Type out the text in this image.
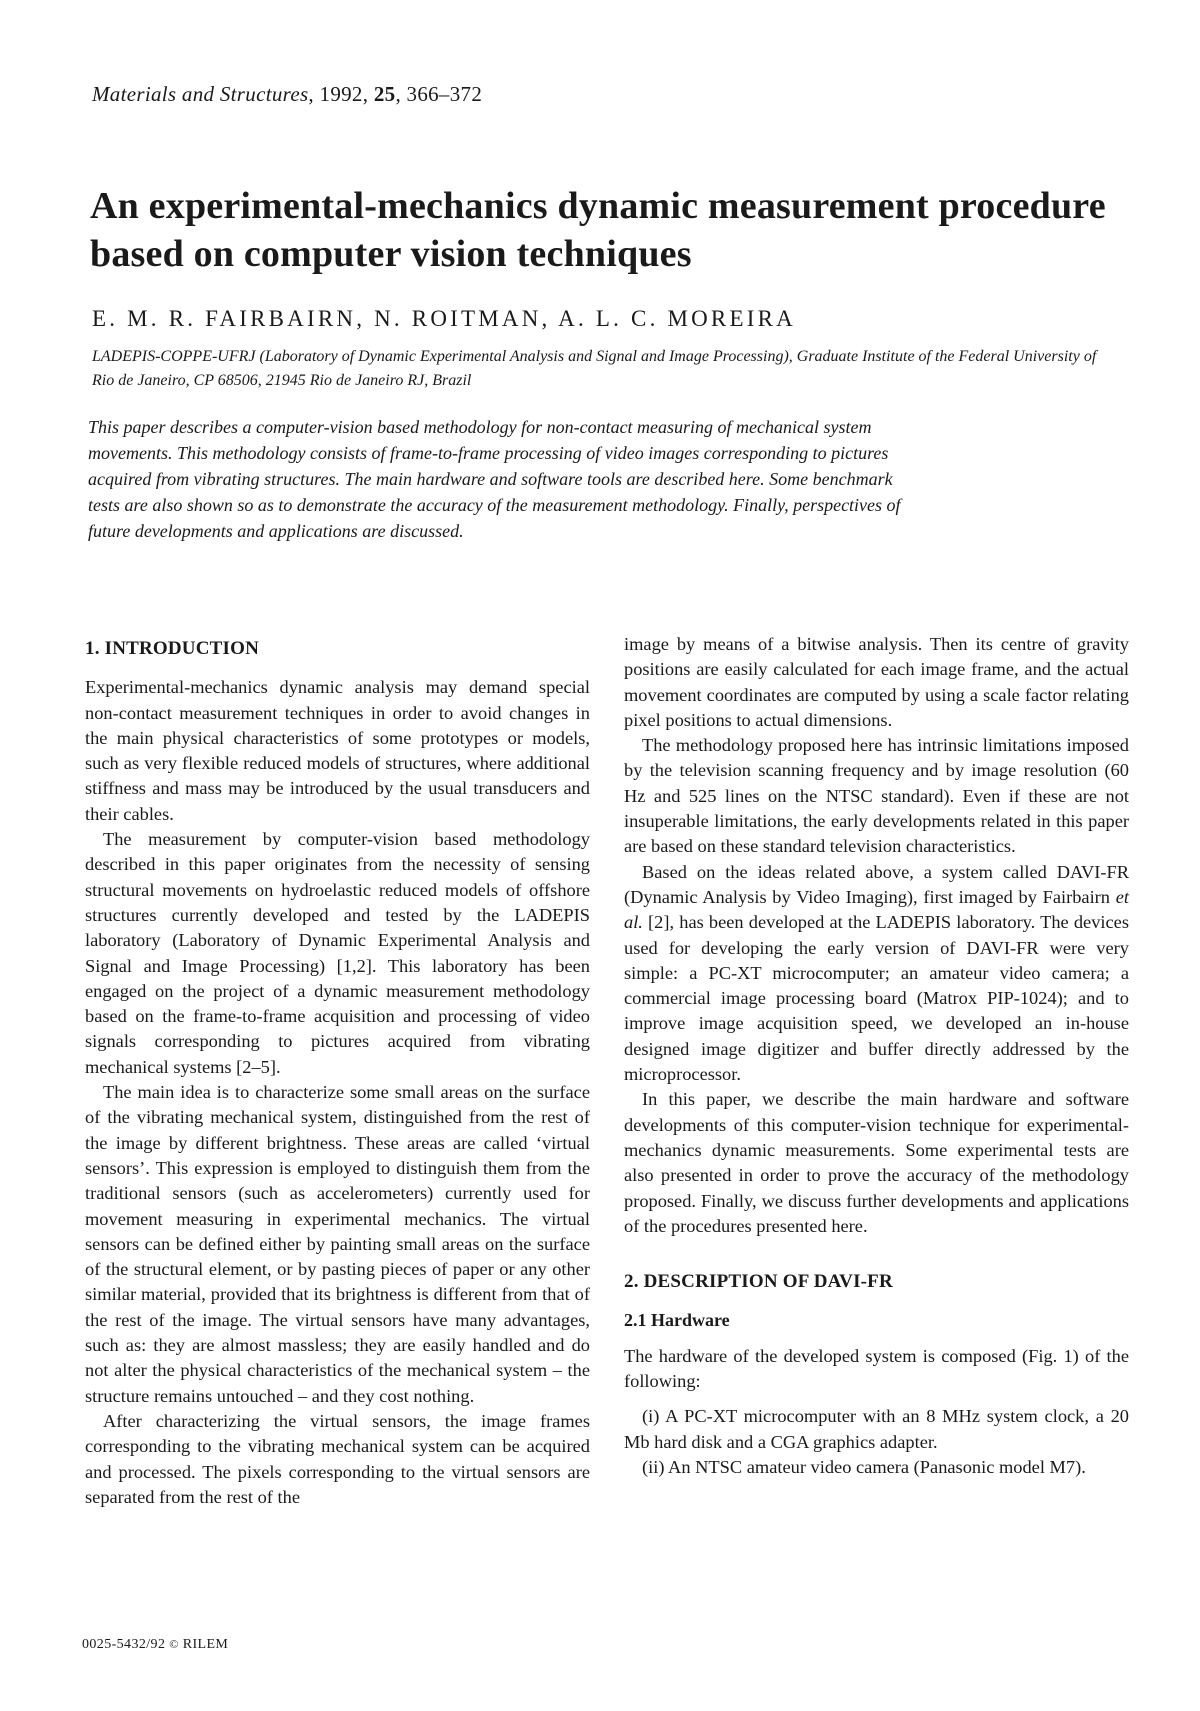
Materials and Structures, 1992, 25, 366–372
An experimental-mechanics dynamic measurement procedure based on computer vision techniques
E. M. R. FAIRBAIRN, N. ROITMAN, A. L. C. MOREIRA
LADEPIS-COPPE-UFRJ (Laboratory of Dynamic Experimental Analysis and Signal and Image Processing), Graduate Institute of the Federal University of Rio de Janeiro, CP 68506, 21945 Rio de Janeiro RJ, Brazil
This paper describes a computer-vision based methodology for non-contact measuring of mechanical system movements. This methodology consists of frame-to-frame processing of video images corresponding to pictures acquired from vibrating structures. The main hardware and software tools are described here. Some benchmark tests are also shown so as to demonstrate the accuracy of the measurement methodology. Finally, perspectives of future developments and applications are discussed.
1. INTRODUCTION

Experimental-mechanics dynamic analysis may demand special non-contact measurement techniques in order to avoid changes in the main physical characteristics of some prototypes or models, such as very flexible reduced models of structures, where additional stiffness and mass may be introduced by the usual transducers and their cables.

The measurement by computer-vision based methodology described in this paper originates from the necessity of sensing structural movements on hydroelastic reduced models of offshore structures currently developed and tested by the LADEPIS laboratory (Laboratory of Dynamic Experimental Analysis and Signal and Image Processing) [1,2]. This laboratory has been engaged on the project of a dynamic measurement methodology based on the frame-to-frame acquisition and processing of video signals corresponding to pictures acquired from vibrating mechanical systems [2–5].

The main idea is to characterize some small areas on the surface of the vibrating mechanical system, distinguished from the rest of the image by different brightness. These areas are called ‘virtual sensors’. This expression is employed to distinguish them from the traditional sensors (such as accelerometers) currently used for movement measuring in experimental mechanics. The virtual sensors can be defined either by painting small areas on the surface of the structural element, or by pasting pieces of paper or any other similar material, provided that its brightness is different from that of the rest of the image. The virtual sensors have many advantages, such as: they are almost massless; they are easily handled and do not alter the physical characteristics of the mechanical system – the structure remains untouched – and they cost nothing.

After characterizing the virtual sensors, the image frames corresponding to the vibrating mechanical system can be acquired and processed. The pixels corresponding to the virtual sensors are separated from the rest of the

image by means of a bitwise analysis. Then its centre of gravity positions are easily calculated for each image frame, and the actual movement coordinates are computed by using a scale factor relating pixel positions to actual dimensions.

The methodology proposed here has intrinsic limitations imposed by the television scanning frequency and by image resolution (60 Hz and 525 lines on the NTSC standard). Even if these are not insuperable limitations, the early developments related in this paper are based on these standard television characteristics.

Based on the ideas related above, a system called DAVI-FR (Dynamic Analysis by Video Imaging), first imaged by Fairbairn et al. [2], has been developed at the LADEPIS laboratory. The devices used for developing the early version of DAVI-FR were very simple: a PC-XT microcomputer; an amateur video camera; a commercial image processing board (Matrox PIP-1024); and to improve image acquisition speed, we developed an in-house designed image digitizer and buffer directly addressed by the microprocessor.

In this paper, we describe the main hardware and software developments of this computer-vision technique for experimental-mechanics dynamic measurements. Some experimental tests are also presented in order to prove the accuracy of the methodology proposed. Finally, we discuss further developments and applications of the procedures presented here.

2. DESCRIPTION OF DAVI-FR
2.1 Hardware

The hardware of the developed system is composed (Fig. 1) of the following:

(i) A PC-XT microcomputer with an 8 MHz system clock, a 20 Mb hard disk and a CGA graphics adapter.

(ii) An NTSC amateur video camera (Panasonic model M7).

0025-5432/92 © RILEM
